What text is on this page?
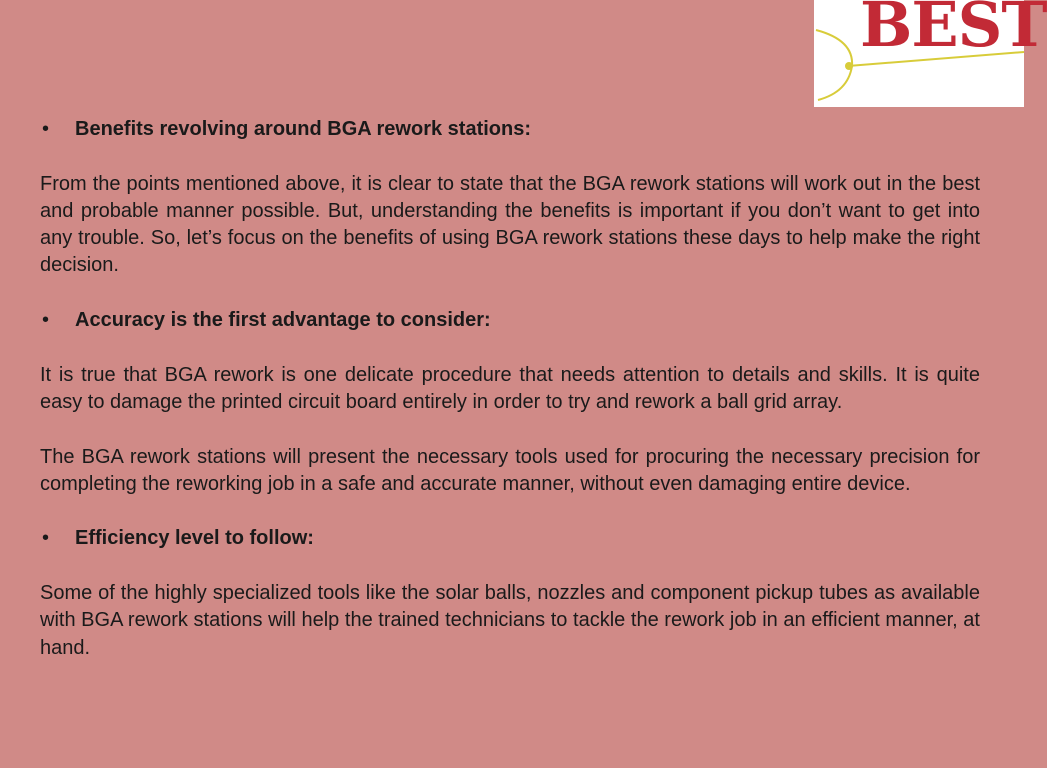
BEST
•	Benefits revolving around BGA rework stations:

From the points mentioned above, it is clear to state that the BGA rework stations will work out in the best and probable manner possible. But, understanding the benefits is important if you don’t want to get into any trouble. So, let’s focus on the benefits of using BGA rework stations these days to help make the right decision.

•	Accuracy is the first advantage to consider:

It is true that BGA rework is one delicate procedure that needs attention to details and skills. It is quite easy to damage the printed circuit board entirely in order to try and rework a ball grid array.

The BGA rework stations will present the necessary tools used for procuring the necessary precision for completing the reworking job in a safe and accurate manner, without even damaging entire device.

•	Efficiency level to follow:

Some of the highly specialized tools like the solar balls, nozzles and component pickup tubes as available with BGA rework stations will help the trained technicians to tackle the rework job in an efficient manner, at hand.
